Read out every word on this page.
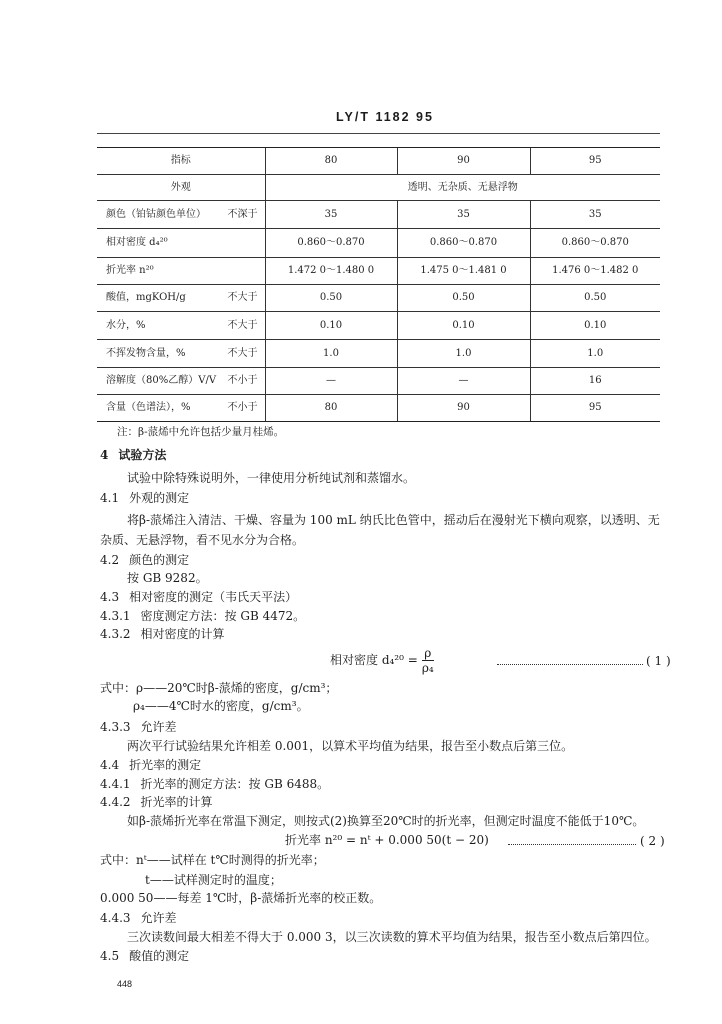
LY/T 1182 95
指标	80	90	95
外观	透明、无杂质、无悬浮物		

颜色（铂钴颜色单位） 不深于	35	35	35

相对密度 d₄²⁰	0.860～0.870	0.860～0.870	0.860～0.870

折光率 n²⁰	1.472 0～1.480 0	1.475 0～1.481 0	1.476 0～1.482 0

酸值，mgKOH/g 不大于	0.50	0.50	0.50

水分，% 不大于	0.10	0.10	0.10

不挥发物含量，% 不大于	1.0	1.0	1.0

溶解度（80%乙醇）V/V 不小于	—	—	16

含量（色谱法），% 不小于	80	90	95
注：β-蒎烯中允许包括少量月桂烯。
4 试验方法
试验中除特殊说明外，一律使用分析纯试剂和蒸馏水。
4.1 外观的测定
将β-蒎烯注入清洁、干燥、容量为 100 mL 纳氏比色管中，摇动后在漫射光下横向观察，以透明、无
杂质、无悬浮物，看不见水分为合格。
4.2 颜色的测定
按 GB 9282。
4.3 相对密度的测定（韦氏天平法）
4.3.1 密度测定方法：按 GB 4472。
4.3.2 相对密度的计算
相对密度 $d_4^{20} = \frac{\rho}{\text{ρ₄}}$	( 1 )
式中：ρ——20℃时β-蒎烯的密度，g/cm³；
ρ₄——4℃时水的密度，g/cm³。
4.3.3 允许差
两次平行试验结果允许相差 0.001，以算术平均值为结果，报告至小数点后第三位。
4.4 折光率的测定
4.4.1 折光率的测定方法：按 GB 6488。
4.4.2 折光率的计算
如β-蒎烯折光率在常温下测定，则按式(2)换算至20℃时的折光率，但测定时温度不能低于10℃。
折光率 n²⁰ = nᵗ + 0.000 50(t − 20)	( 2 )
式中：nᵗ——试样在 t℃时测得的折光率；
t——试样测定时的温度；
0.000 50——每差 1℃时，β-蒎烯折光率的校正数。
4.4.3 允许差
三次读数间最大相差不得大于 0.000 3，以三次读数的算术平均值为结果，报告至小数点后第四位。
4.5 酸值的测定
448
